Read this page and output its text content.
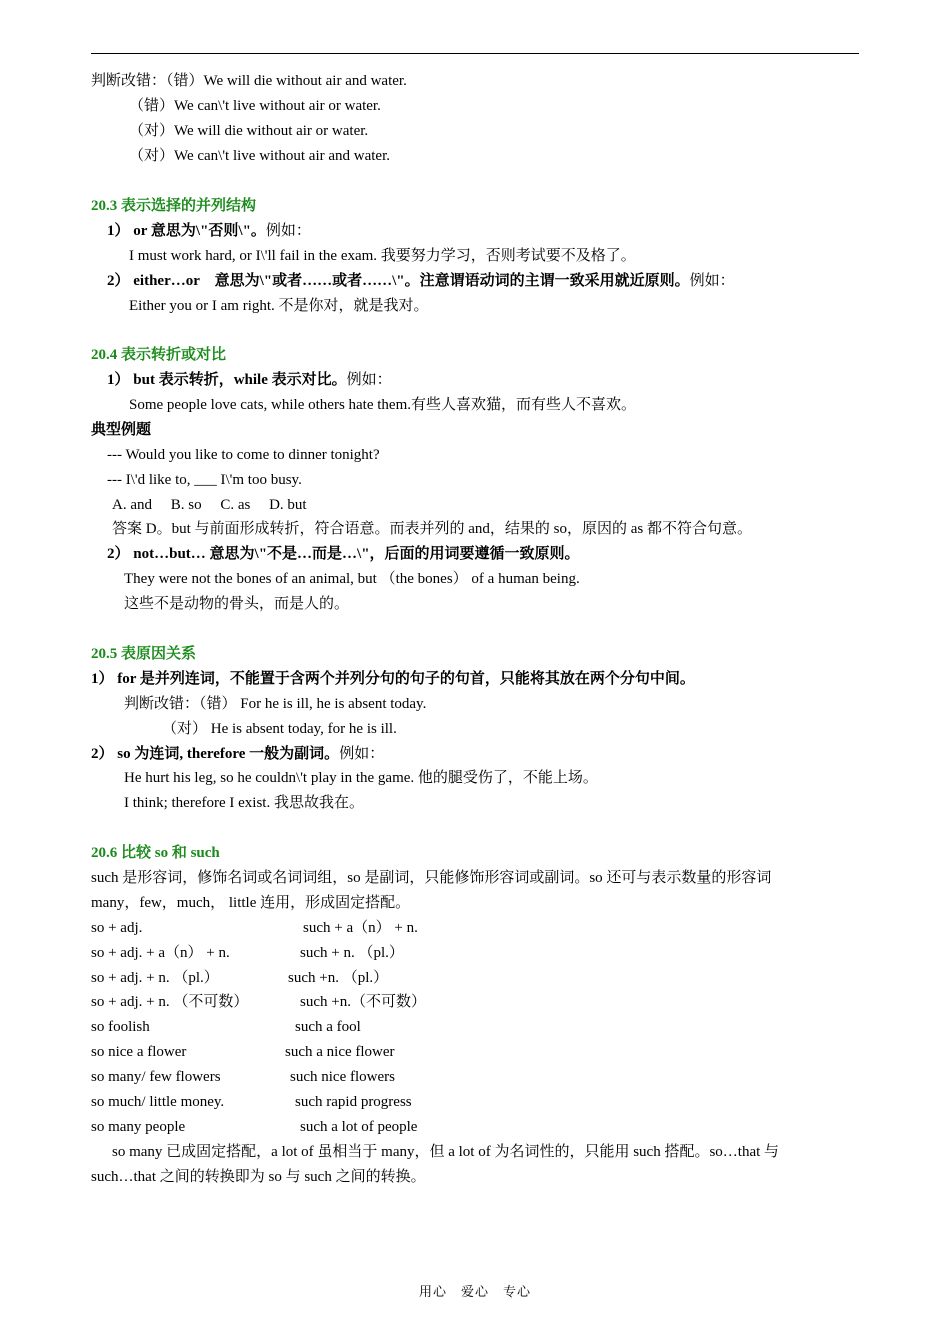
判断改错：（错）We will die without air and water.
（错）We can\'t live without air or water.
（对）We will die without air or water.
（对）We can\'t live without air and water.
20.3 表示选择的并列结构
1） or 意思为\"否则\"。例如：
I must work hard, or I\'ll fail in the exam. 我要努力学习，否则考试要不及格了。
2） either…or　意思为\"或者……或者……\"。注意谓语动词的主谓一致采用就近原则。例如：
Either you or I am right. 不是你对，就是我对。
20.4 表示转折或对比
1） but 表示转折，while 表示对比。例如：
Some people love cats, while others hate them.有些人喜欢猫，而有些人不喜欢。
典型例题
--- Would you like to come to dinner tonight?
--- I\'d like to, ___ I\'m too busy.
A. and 　B. so 　C. as 　D. but
答案 D。but 与前面形成转折，符合语意。而表并列的 and，结果的 so，原因的 as 都不符合句意。
2） not…but… 意思为\"不是…而是…\"，后面的用词要遵循一致原则。
They were not the bones of an animal, but （the bones） of a human being.
这些不是动物的骨头，而是人的。
20.5 表原因关系
1） for 是并列连词，不能置于含两个并列分句的句子的句首，只能将其放在两个分句中间。
判断改错：（错） For he is ill, he is absent today.
（对） He is absent today, for he is ill.
2） so 为连词, therefore 一般为副词。例如：
He hurt his leg, so he couldn\'t play in the game. 他的腿受伤了，不能上场。
I think; therefore I exist. 我思故我在。
20.6 比较 so 和 such
such 是形容词，修饰名词或名词词组，so 是副词，只能修饰形容词或副词。so 还可与表示数量的形容词
many，few，much， little 连用，形成固定搭配。
so + adj.	such + a（n） + n.
so + adj. + a（n） + n.	such + n. （pl.）
so + adj. + n. （pl.）	such +n. （pl.）
so + adj. + n. （不可数）	such +n.（不可数）
so foolish	such a fool
so nice a flower	such a nice flower
so many/ few flowers	such nice flowers
so much/ little money.	such rapid progress
so many people	such a lot of people
so many 已成固定搭配，a lot of 虽相当于 many，但 a lot of 为名词性的，只能用 such 搭配。so…that 与
such…that 之间的转换即为 so 与 such 之间的转换。
用心　爱心　专心
